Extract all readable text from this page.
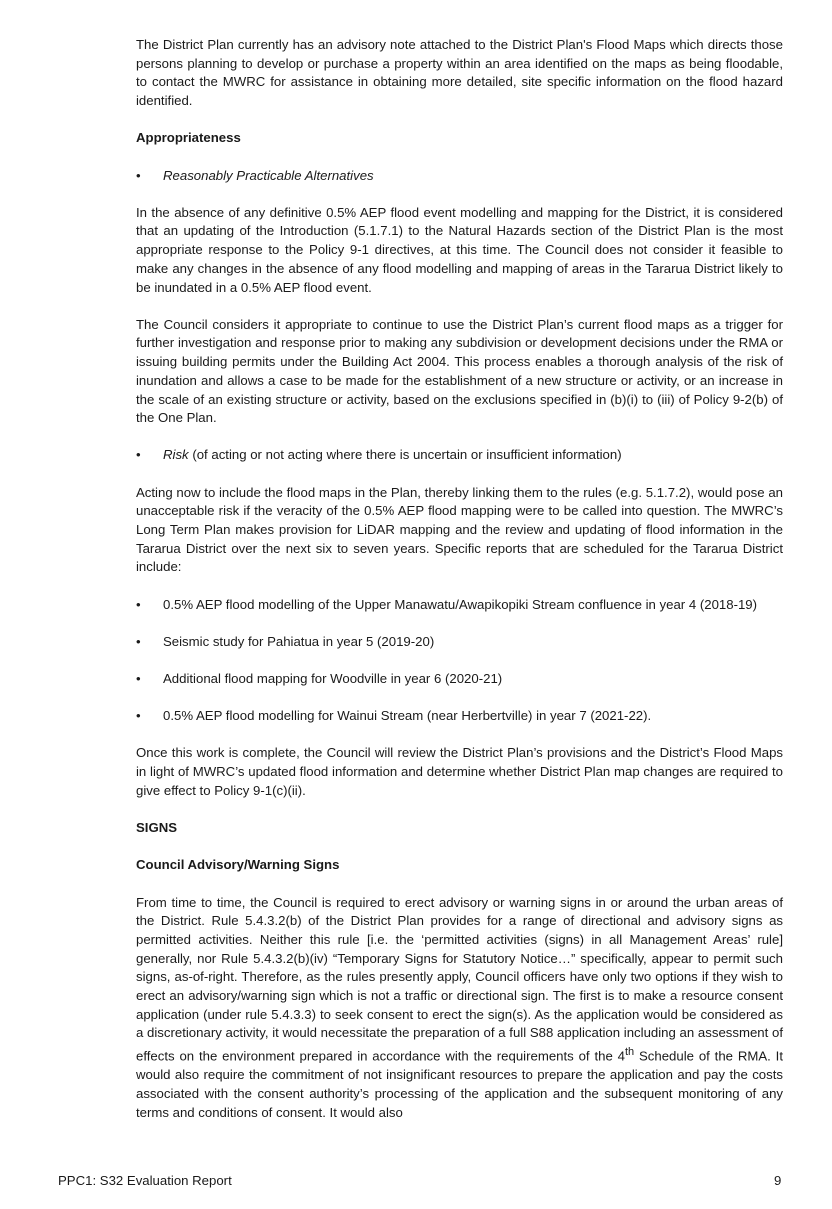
The District Plan currently has an advisory note attached to the District Plan's Flood Maps which directs those persons planning to develop or purchase a property within an area identified on the maps as being floodable, to contact the MWRC for assistance in obtaining more detailed, site specific information on the flood hazard identified.

Appropriateness
• Reasonably Practicable Alternatives

In the absence of any definitive 0.5% AEP flood event modelling and mapping for the District, it is considered that an updating of the Introduction (5.1.7.1) to the Natural Hazards section of the District Plan is the most appropriate response to the Policy 9-1 directives, at this time. The Council does not consider it feasible to make any changes in the absence of any flood modelling and mapping of areas in the Tararua District likely to be inundated in a 0.5% AEP flood event.

The Council considers it appropriate to continue to use the District Plan’s current flood maps as a trigger for further investigation and response prior to making any subdivision or development decisions under the RMA or issuing building permits under the Building Act 2004. This process enables a thorough analysis of the risk of inundation and allows a case to be made for the establishment of a new structure or activity, or an increase in the scale of an existing structure or activity, based on the exclusions specified in (b)(i) to (iii) of Policy 9-2(b) of the One Plan.

• Risk (of acting or not acting where there is uncertain or insufficient information)

Acting now to include the flood maps in the Plan, thereby linking them to the rules (e.g. 5.1.7.2), would pose an unacceptable risk if the veracity of the 0.5% AEP flood mapping were to be called into question. The MWRC’s Long Term Plan makes provision for LiDAR mapping and the review and updating of flood information in the Tararua District over the next six to seven years. Specific reports that are scheduled for the Tararua District include:

• 0.5% AEP flood modelling of the Upper Manawatu/Awapikopiki Stream confluence in year 4 (2018-19)
• Seismic study for Pahiatua in year 5 (2019-20)
• Additional flood mapping for Woodville in year 6 (2020-21)
• 0.5% AEP flood modelling for Wainui Stream (near Herbertville) in year 7 (2021-22).

Once this work is complete, the Council will review the District Plan’s provisions and the District’s Flood Maps in light of MWRC’s updated flood information and determine whether District Plan map changes are required to give effect to Policy 9-1(c)(ii).

SIGNS
Council Advisory/Warning Signs

From time to time, the Council is required to erect advisory or warning signs in or around the urban areas of the District. Rule 5.4.3.2(b) of the District Plan provides for a range of directional and advisory signs as permitted activities. Neither this rule [i.e. the ‘permitted activities (signs) in all Management Areas’ rule] generally, nor Rule 5.4.3.2(b)(iv) “Temporary Signs for Statutory Notice…” specifically, appear to permit such signs, as-of-right. Therefore, as the rules presently apply, Council officers have only two options if they wish to erect an advisory/warning sign which is not a traffic or directional sign. The first is to make a resource consent application (under rule 5.4.3.3) to seek consent to erect the sign(s). As the application would be considered as a discretionary activity, it would necessitate the preparation of a full S88 application including an assessment of effects on the environment prepared in accordance with the requirements of the 4th Schedule of the RMA. It would also require the commitment of not insignificant resources to prepare the application and pay the costs associated with the consent authority’s processing of the application and the subsequent monitoring of any terms and conditions of consent. It would also

PPC1: S32 Evaluation Report	9
